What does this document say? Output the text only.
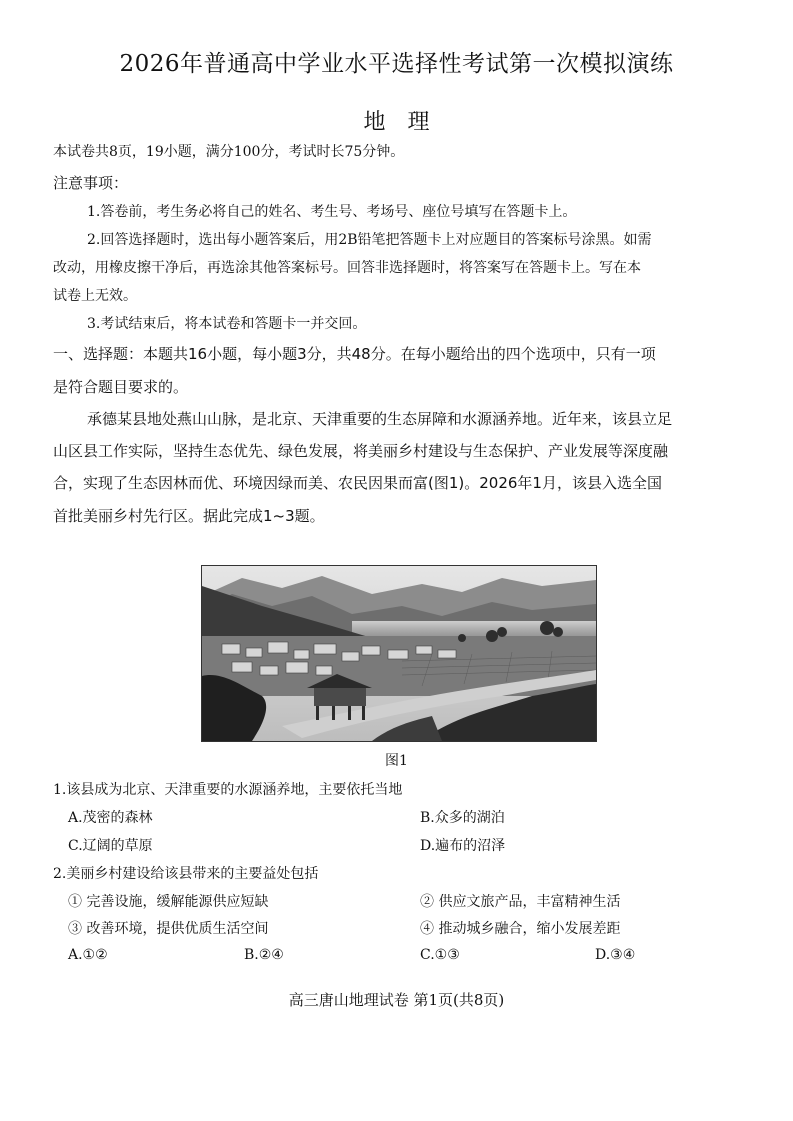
2026年普通高中学业水平选择性考试第一次模拟演练
地理
本试卷共8页，19小题，满分100分，考试时长75分钟。
注意事项：
1.答卷前，考生务必将自己的姓名、考生号、考场号、座位号填写在答题卡上。
2.回答选择题时，选出每小题答案后，用2B铅笔把答题卡上对应题目的答案标号涂黑。如需
改动，用橡皮擦干净后，再选涂其他答案标号。回答非选择题时，将答案写在答题卡上。写在本
试卷上无效。
3.考试结束后，将本试卷和答题卡一并交回。
一、选择题：本题共16小题，每小题3分，共48分。在每小题给出的四个选项中，只有一项
是符合题目要求的。
承德某县地处燕山山脉，是北京、天津重要的生态屏障和水源涵养地。近年来，该县立足
山区县工作实际，坚持生态优先、绿色发展，将美丽乡村建设与生态保护、产业发展等深度融
合，实现了生态因林而优、环境因绿而美、农民因果而富(图1)。2026年1月，该县入选全国
首批美丽乡村先行区。据此完成1~3题。
图1
1.该县成为北京、天津重要的水源涵养地，主要依托当地
A.茂密的森林	B.众多的湖泊
C.辽阔的草原	D.遍布的沼泽
2.美丽乡村建设给该县带来的主要益处包括
① 完善设施，缓解能源供应短缺	② 供应文旅产品，丰富精神生活
③ 改善环境，提供优质生活空间	④ 推动城乡融合，缩小发展差距
A.①②	B.②④	C.①③	D.③④
高三唐山地理试卷 第1页(共8页)
